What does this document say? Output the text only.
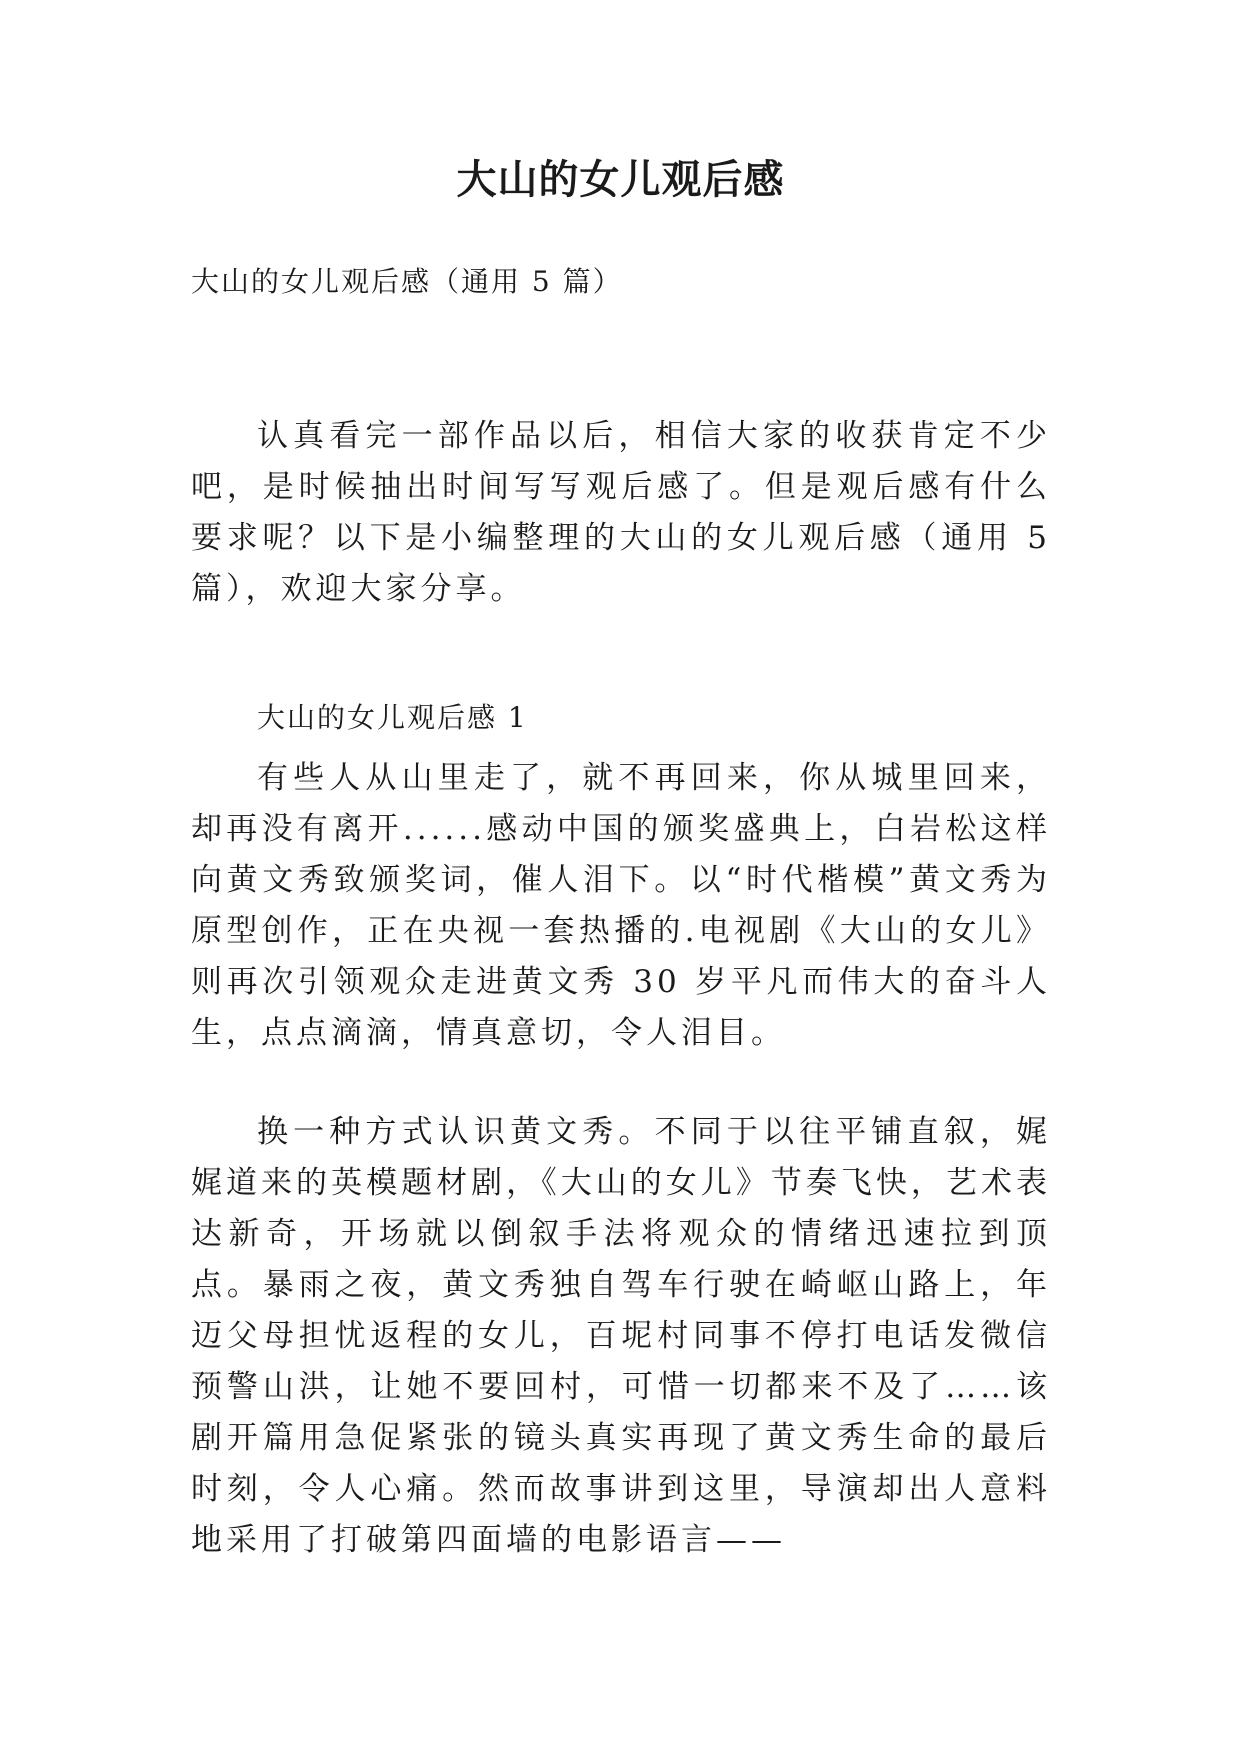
大山的女儿观后感

大山的女儿观后感（通用 5 篇）

认真看完一部作品以后，相信大家的收获肯定不少吧，是时候抽出时间写写观后感了。但是观后感有什么要求呢？以下是小编整理的大山的女儿观后感（通用 5 篇），欢迎大家分享。

大山的女儿观后感 1

有些人从山里走了，就不再回来，你从城里回来，却再没有离开......感动中国的颁奖盛典上，白岩松这样向黄文秀致颁奖词，催人泪下。以“时代楷模”黄文秀为原型创作，正在央视一套热播的.电视剧《大山的女儿》则再次引领观众走进黄文秀 30 岁平凡而伟大的奋斗人生，点点滴滴，情真意切，令人泪目。

换一种方式认识黄文秀。不同于以往平铺直叙，娓娓道来的英模题材剧，《大山的女儿》节奏飞快，艺术表达新奇，开场就以倒叙手法将观众的情绪迅速拉到顶点。暴雨之夜，黄文秀独自驾车行驶在崎岖山路上，年迈父母担忧返程的女儿，百坭村同事不停打电话发微信预警山洪，让她不要回村，可惜一切都来不及了……该剧开篇用急促紧张的镜头真实再现了黄文秀生命的最后时刻，令人心痛。然而故事讲到这里，导演却出人意料地采用了打破第四面墙的电影语言——
